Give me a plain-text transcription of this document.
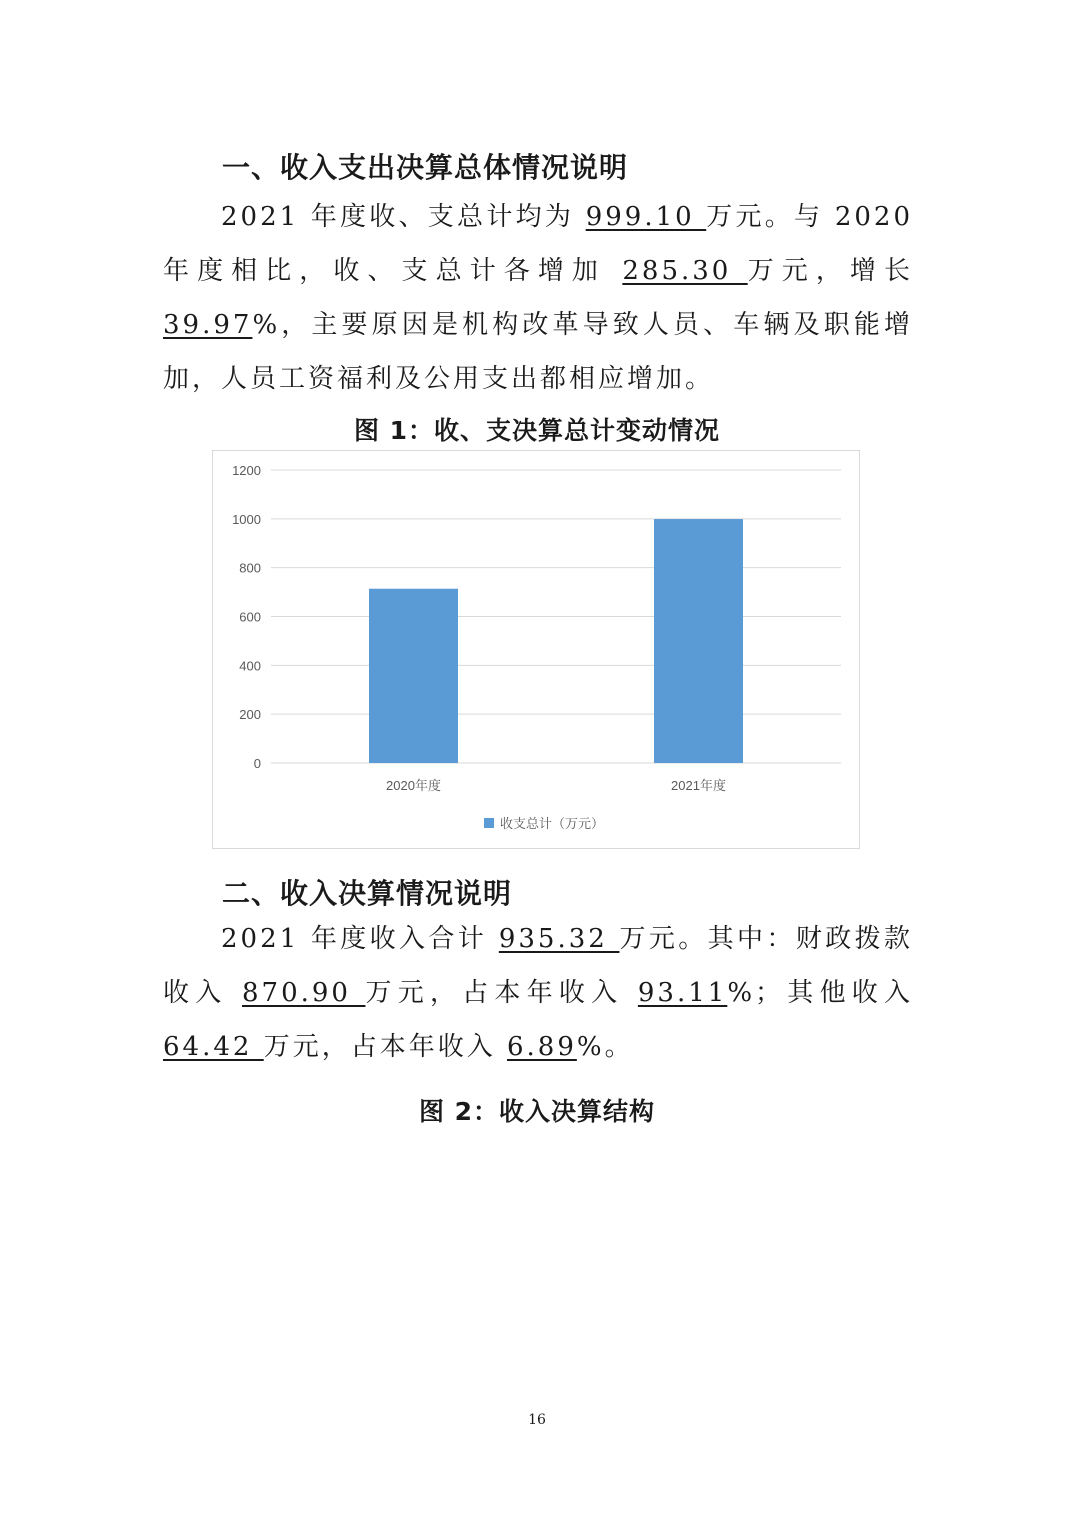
一、收入支出决算总体情况说明
2021 年度收、支总计均为 999.10 万元。与 2020 年度相比，收、支总计各增加 285.30 万元，增长 39.97%，主要原因是机构改革导致人员、车辆及职能增加，人员工资福利及公用支出都相应增加。
图 1：收、支决算总计变动情况
0
200
400
600
800
1000
1200
2020年度	2021年度
收支总计（万元）
二、收入决算情况说明
2021 年度收入合计 935.32 万元。其中：财政拨款收入 870.90 万元，占本年收入 93.11%；其他收入 64.42 万元，占本年收入 6.89%。
图 2：收入决算结构
16
